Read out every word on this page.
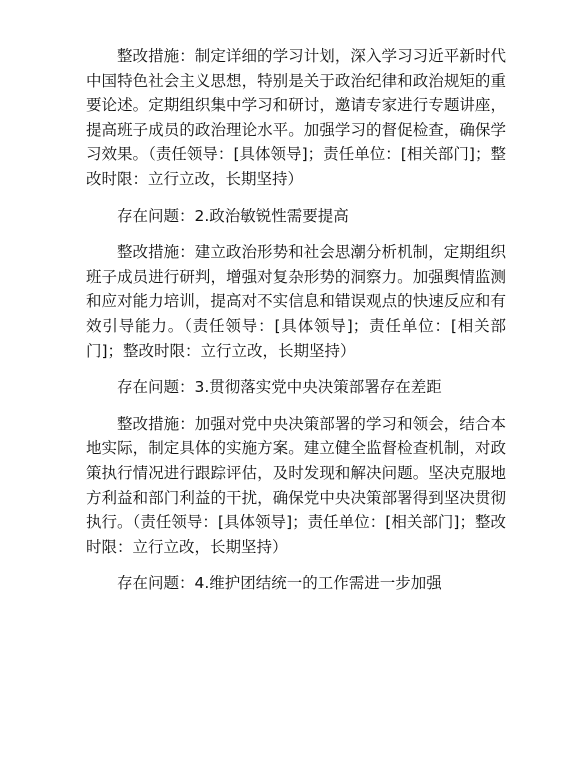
整改措施：制定详细的学习计划，深入学习习近平新时代中国特色社会主义思想，特别是关于政治纪律和政治规矩的重要论述。定期组织集中学习和研讨，邀请专家进行专题讲座，提高班子成员的政治理论水平。加强学习的督促检查，确保学习效果。（责任领导：[具体领导]；责任单位：[相关部门]；整改时限：立行立改，长期坚持）

存在问题：2.政治敏锐性需要提高

整改措施：建立政治形势和社会思潮分析机制，定期组织班子成员进行研判，增强对复杂形势的洞察力。加强舆情监测和应对能力培训，提高对不实信息和错误观点的快速反应和有效引导能力。（责任领导：[具体领导]；责任单位：[相关部门]；整改时限：立行立改，长期坚持）

存在问题：3.贯彻落实党中央决策部署存在差距

整改措施：加强对党中央决策部署的学习和领会，结合本地实际，制定具体的实施方案。建立健全监督检查机制，对政策执行情况进行跟踪评估，及时发现和解决问题。坚决克服地方利益和部门利益的干扰，确保党中央决策部署得到坚决贯彻执行。（责任领导：[具体领导]；责任单位：[相关部门]；整改时限：立行立改，长期坚持）

存在问题：4.维护团结统一的工作需进一步加强
